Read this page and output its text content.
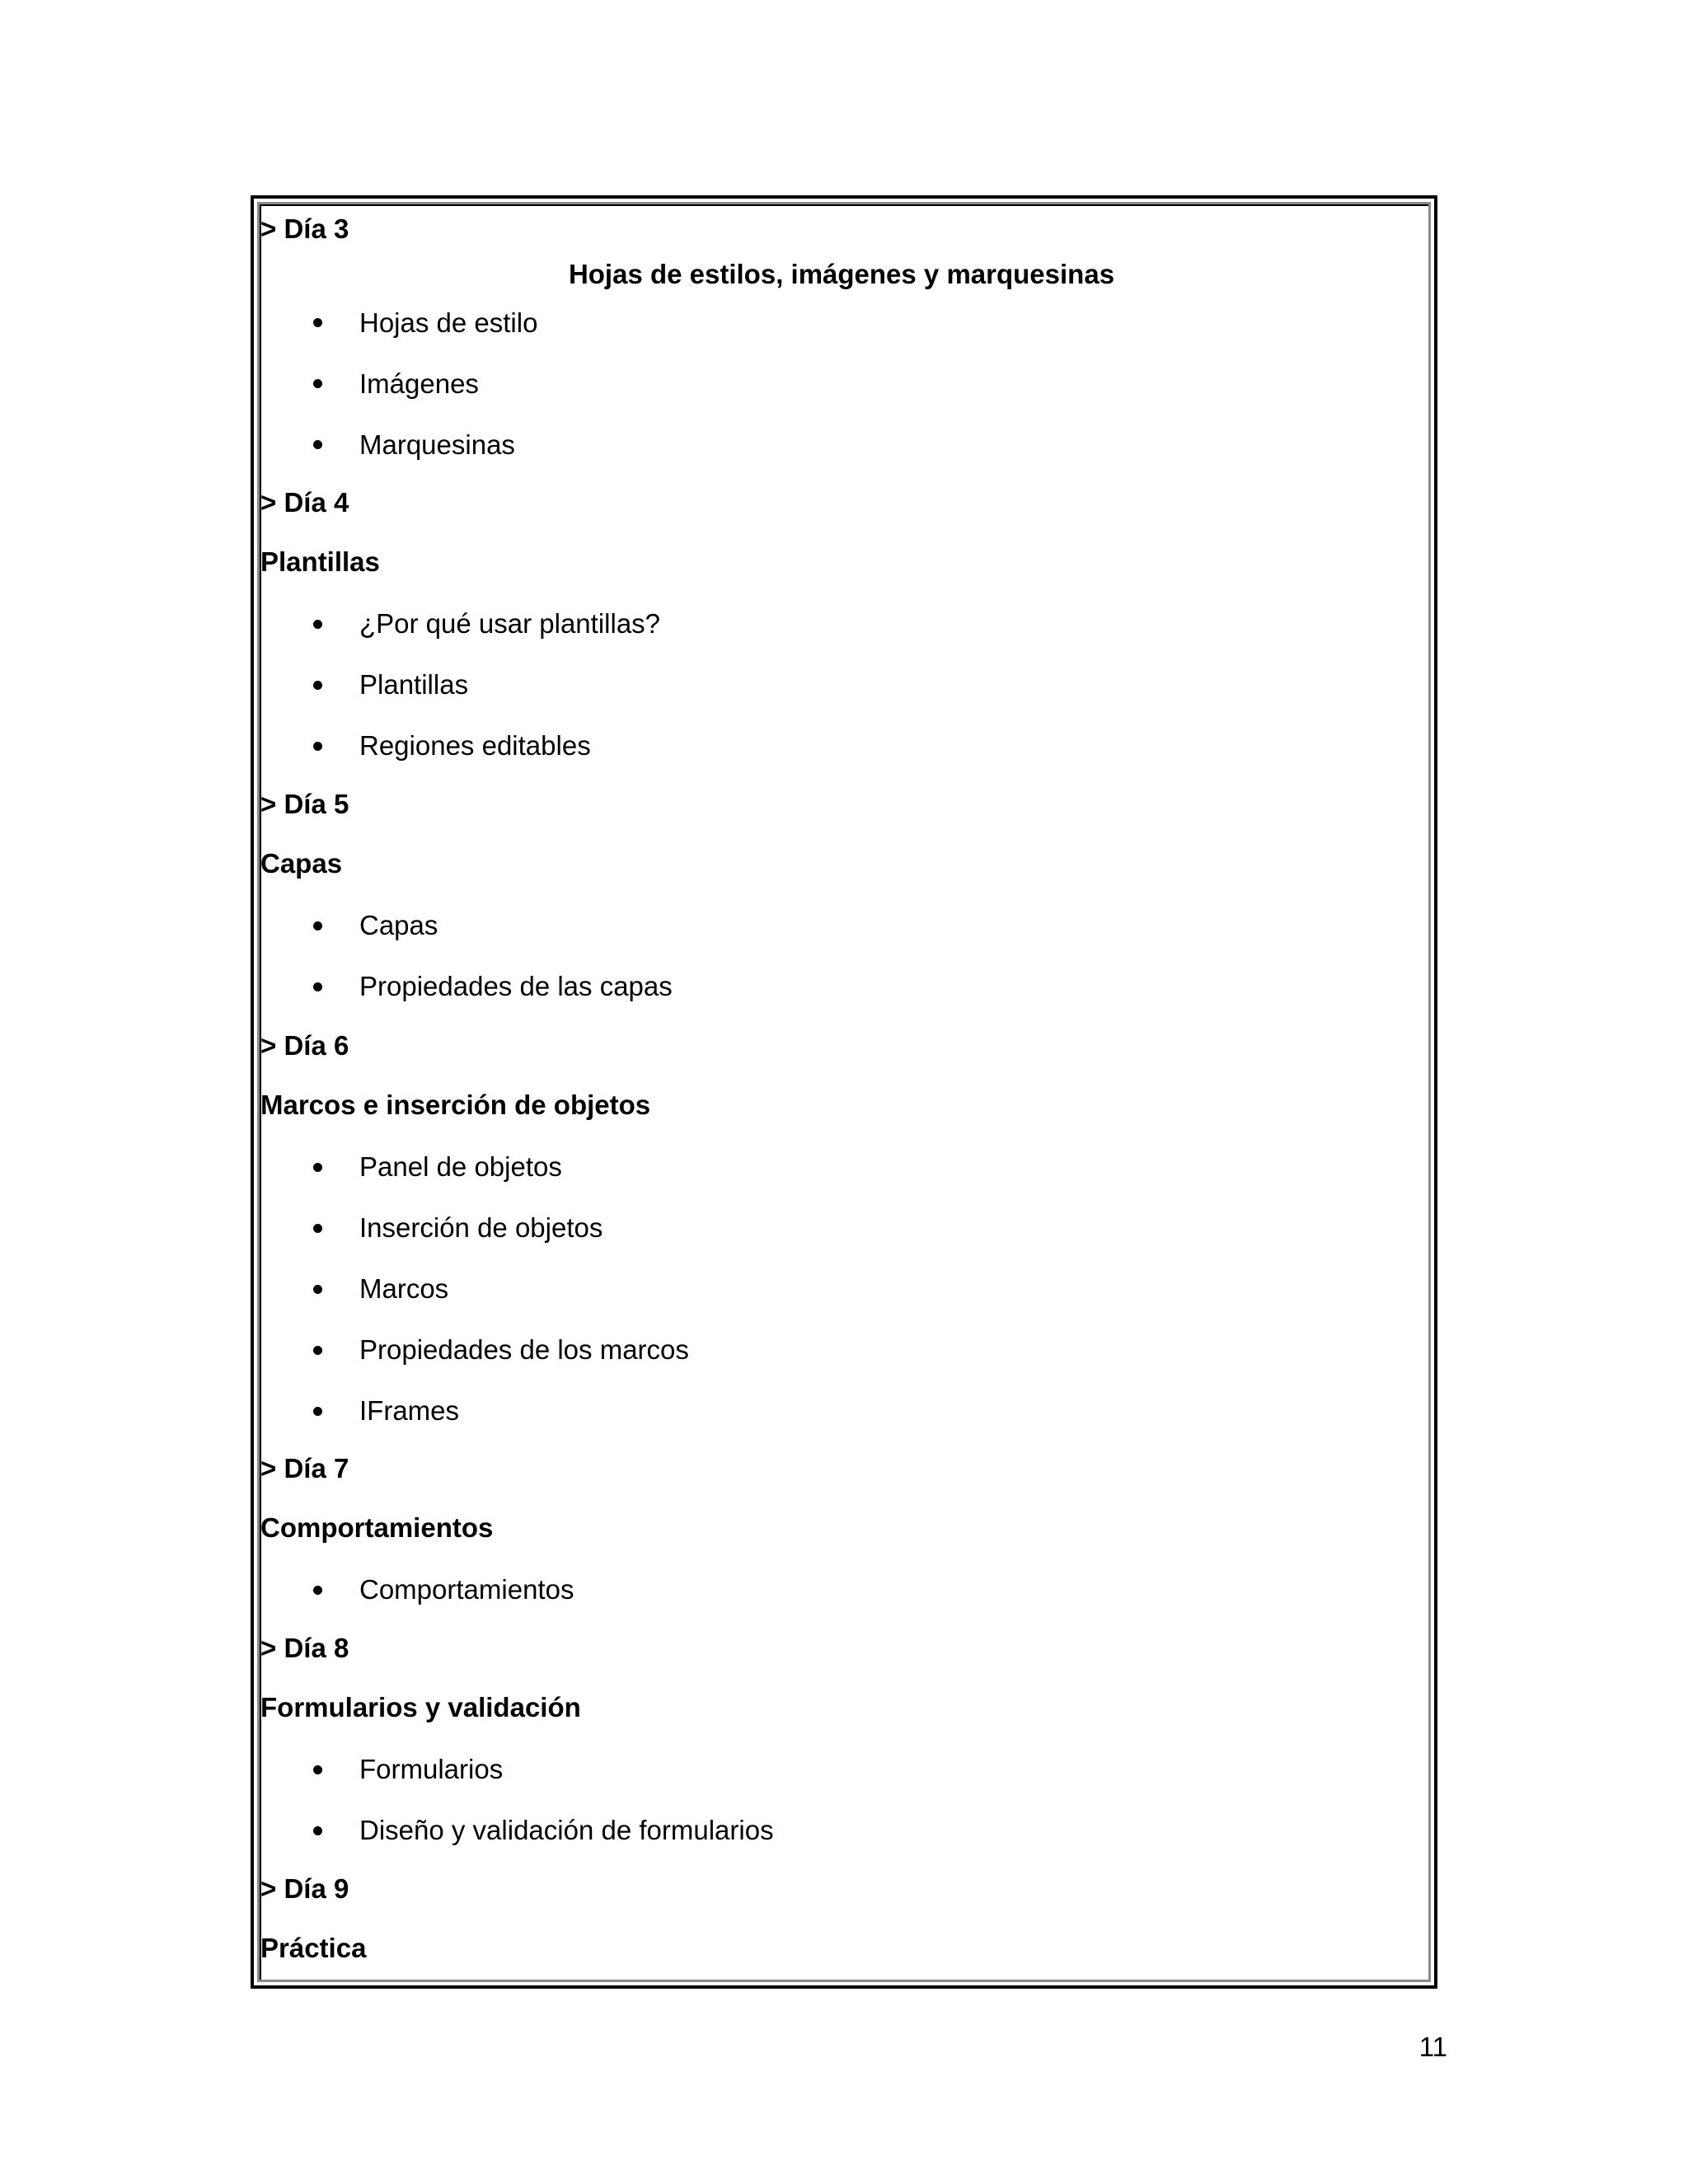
> Día 3
Hojas de estilos, imágenes y marquesinas
Hojas de estilo
Imágenes
Marquesinas
> Día 4
Plantillas
¿Por qué usar plantillas?
Plantillas
Regiones editables
> Día 5
Capas
Capas
Propiedades de las capas
> Día 6
Marcos e inserción de objetos
Panel de objetos
Inserción de objetos
Marcos
Propiedades de los marcos
IFrames
> Día 7
Comportamientos
Comportamientos
> Día 8
Formularios y validación
Formularios
Diseño y validación de formularios
> Día 9
Práctica
11
